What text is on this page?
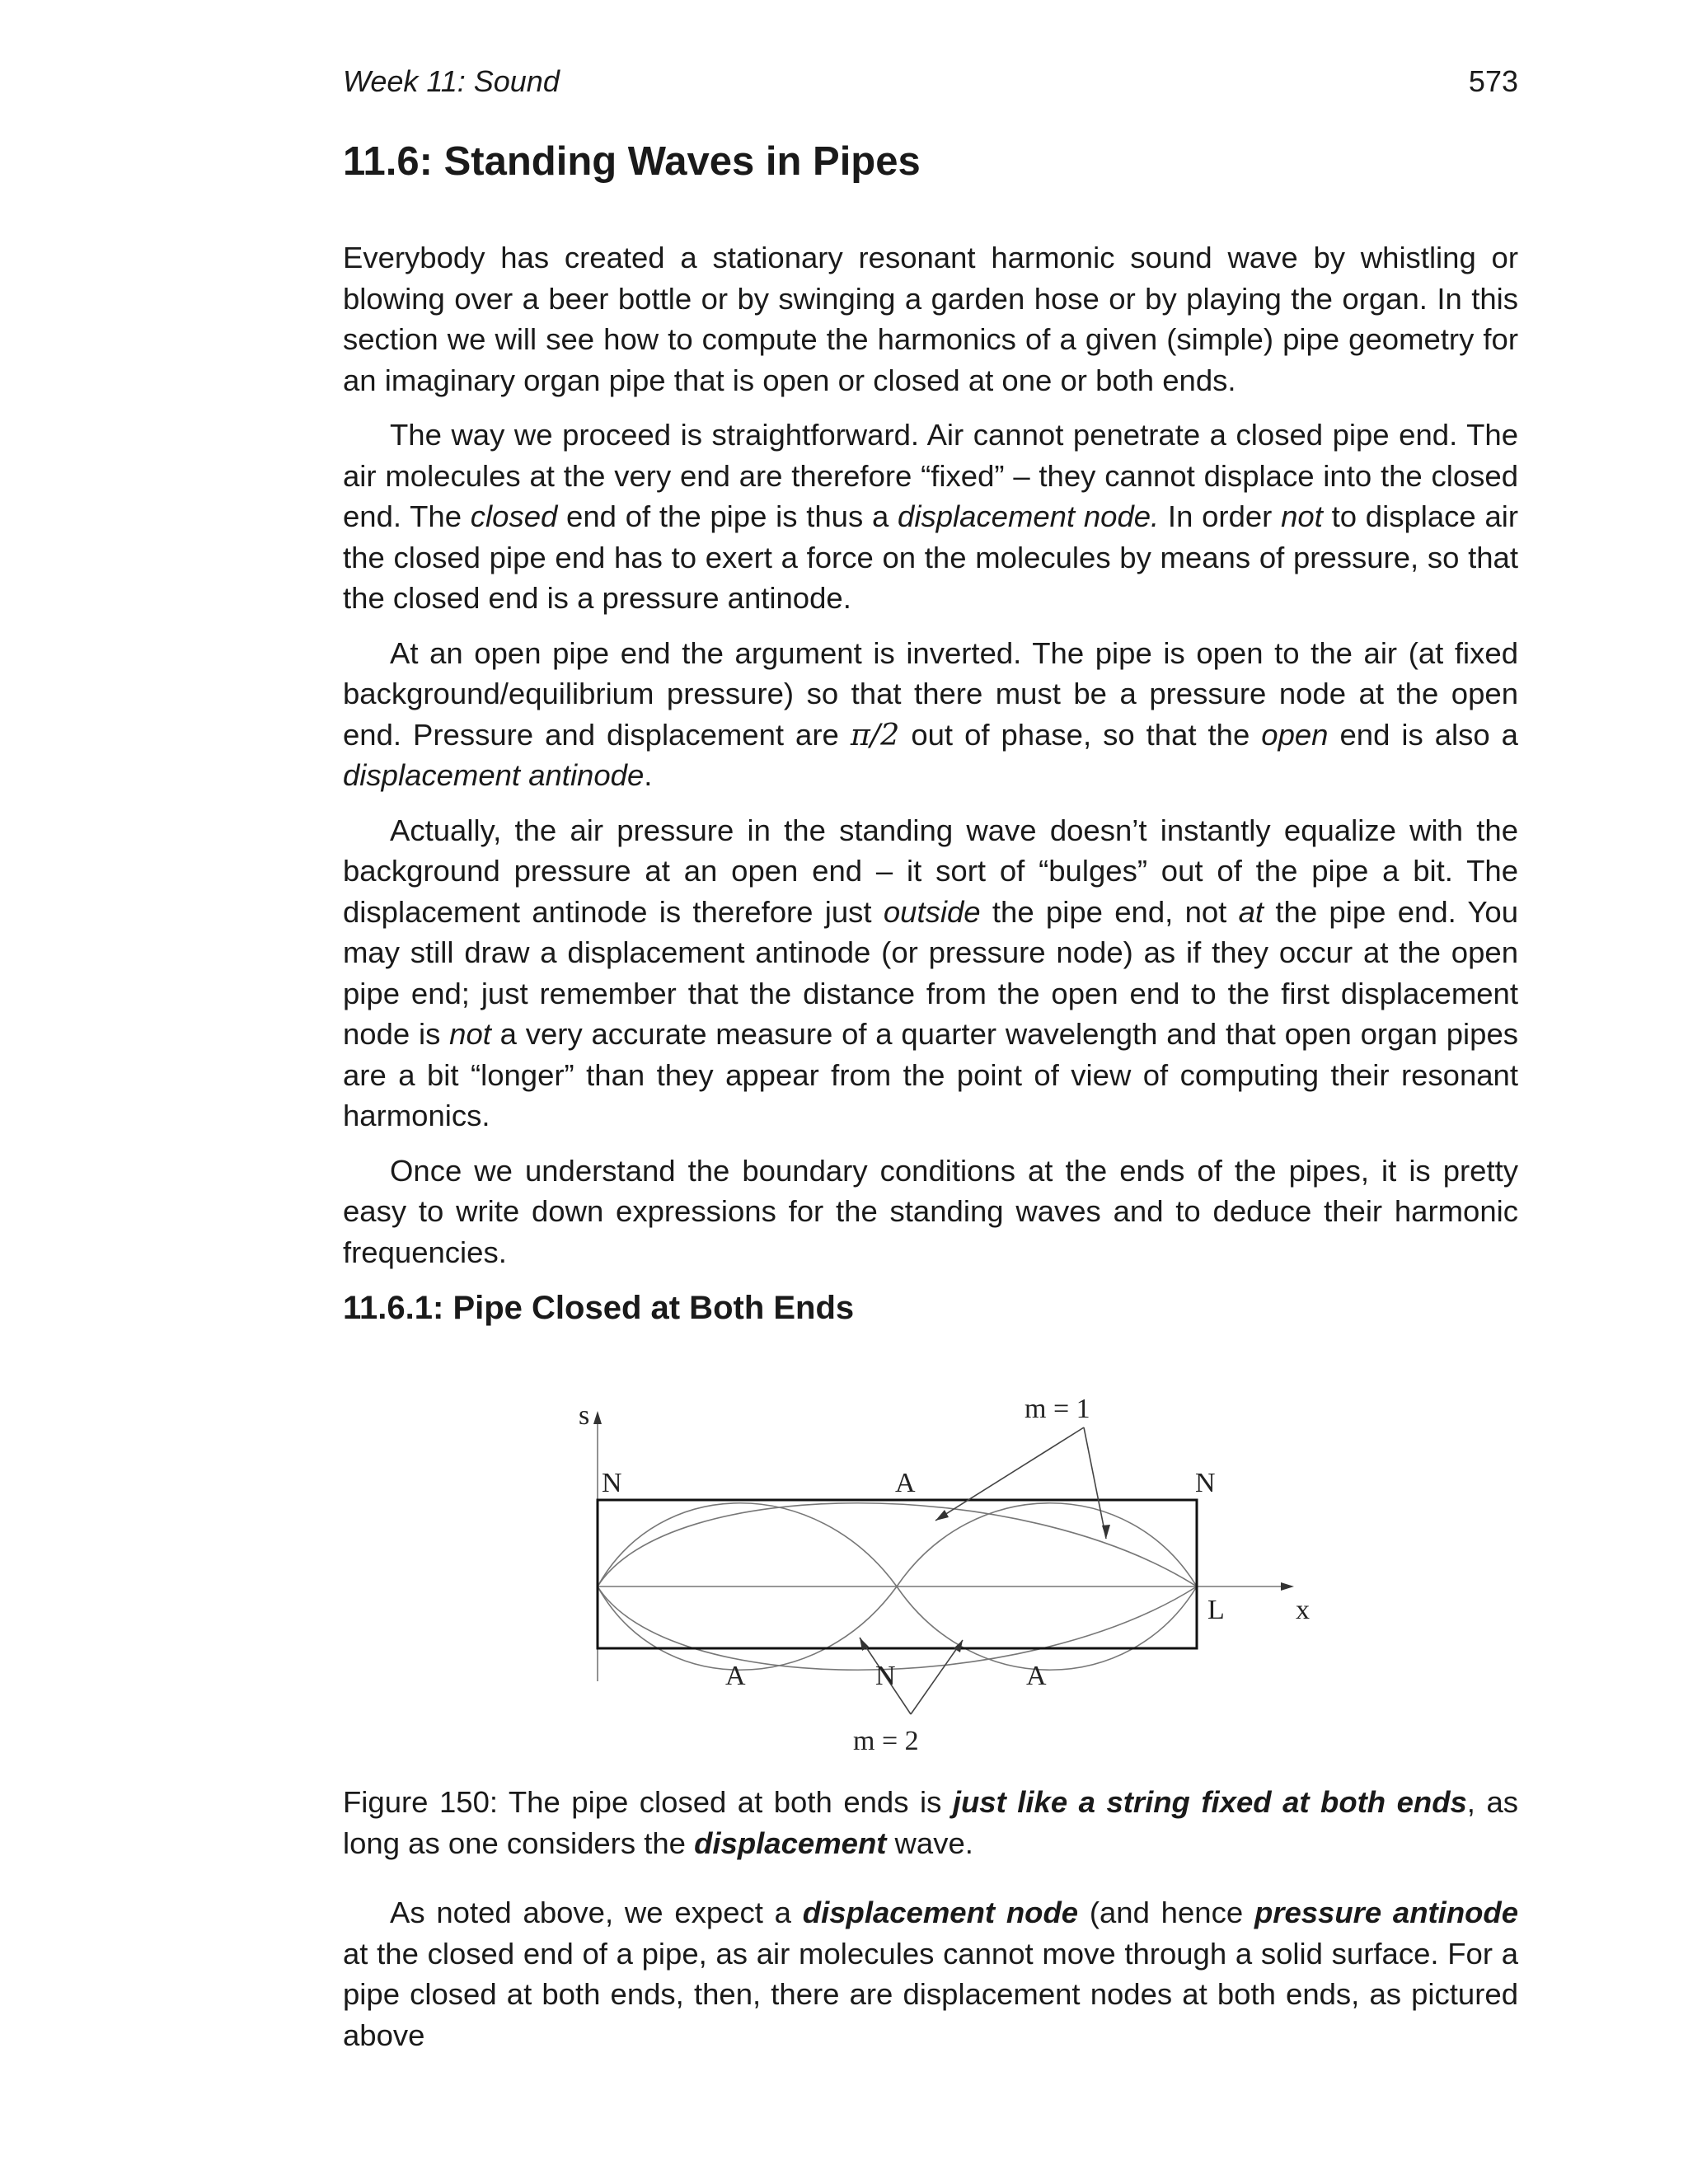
Week 11: Sound	573
11.6: Standing Waves in Pipes

Everybody has created a stationary resonant harmonic sound wave by whistling or blowing over a beer bottle or by swinging a garden hose or by playing the organ. In this section we will see how to compute the harmonics of a given (simple) pipe geometry for an imaginary organ pipe that is open or closed at one or both ends.

The way we proceed is straightforward. Air cannot penetrate a closed pipe end. The air molecules at the very end are therefore “fixed” – they cannot displace into the closed end. The closed end of the pipe is thus a displacement node. In order not to displace air the closed pipe end has to exert a force on the molecules by means of pressure, so that the closed end is a pressure antinode.

At an open pipe end the argument is inverted. The pipe is open to the air (at fixed background/equilibrium pressure) so that there must be a pressure node at the open end. Pressure and displacement are π/2 out of phase, so that the open end is also a displacement antinode.

Actually, the air pressure in the standing wave doesn’t instantly equalize with the background pressure at an open end – it sort of “bulges” out of the pipe a bit. The displacement antinode is therefore just outside the pipe end, not at the pipe end. You may still draw a displacement antinode (or pressure node) as if they occur at the open pipe end; just remember that the distance from the open end to the first displacement node is not a very accurate measure of a quarter wavelength and that open organ pipes are a bit “longer” than they appear from the point of view of computing their resonant harmonics.

Once we understand the boundary conditions at the ends of the pipes, it is pretty easy to write down expressions for the standing waves and to deduce their harmonic frequencies.

11.6.1: Pipe Closed at Both Ends
s
x
L
N	A	N
A	N	A
m = 1
m = 2

Figure 150: The pipe closed at both ends is just like a string fixed at both ends, as long as one considers the displacement wave.

As noted above, we expect a displacement node (and hence pressure antinode at the closed end of a pipe, as air molecules cannot move through a solid surface. For a pipe closed at both ends, then, there are displacement nodes at both ends, as pictured above
